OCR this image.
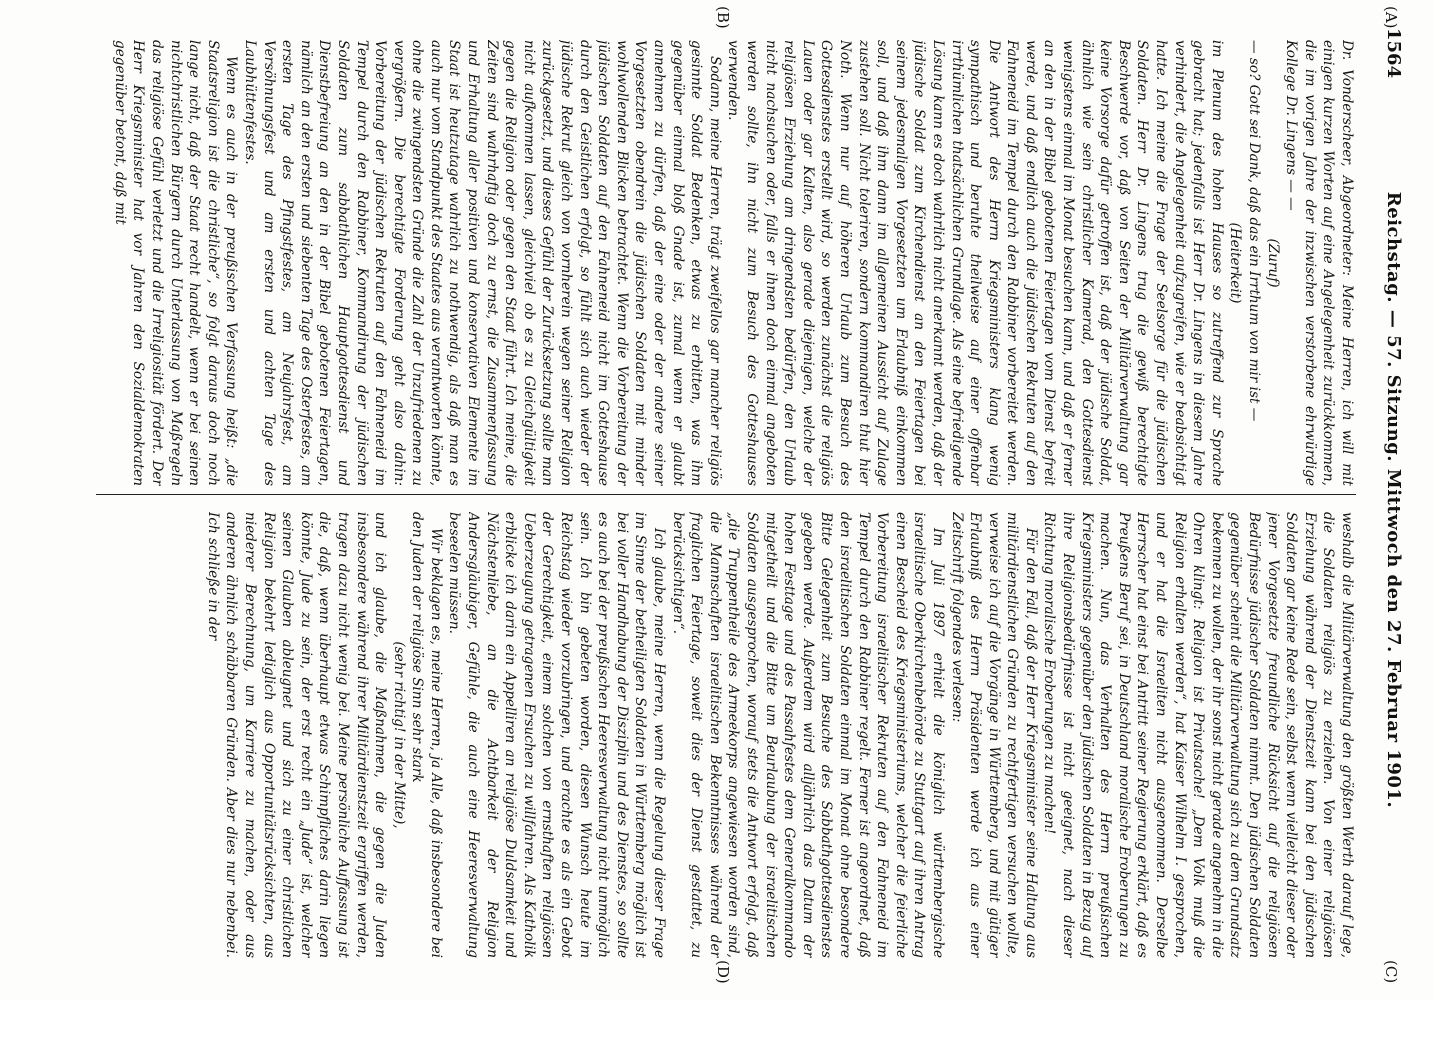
1564
Reichstag. — 57. Sitzung. Mittwoch den 27. Februar 1901.
(A)
(B)
(C)
(D)

Dr. Vonderscheer, Abgeordneter: Meine Herren, ich will mit einigen kurzen Worten auf eine Angelegenheit zurückkommen, die im vorigen Jahre der inzwischen verstorbene ehrwürdige Kollege Dr. Lingens — —

(Zuruf)

— so? Gott sei Dank, daß das ein Irrthum von mir ist —

(Heiterkeit)

im Plenum des hohen Hauses so zutreffend zur Sprache gebracht hat; jedenfalls ist Herr Dr. Lingens in diesem Jahre verhindert, die Angelegenheit aufzugreifen, wie er beabsichtigt hatte. Ich meine die Frage der Seelsorge für die jüdischen Soldaten. Herr Dr. Lingens trug die gewiß berechtigte Beschwerde vor, daß von Seiten der Militärverwaltung gar keine Vorsorge dafür getroffen ist, daß der jüdische Soldat, ähnlich wie sein christlicher Kamerad, den Gottesdienst wenigstens einmal im Monat besuchen kann, und daß er ferner an den in der Bibel gebotenen Feiertagen vom Dienst befreit werde, und daß endlich auch die jüdischen Rekruten auf den Fahneneid im Tempel durch den Rabbiner vorbereitet werden. Die Antwort des Herrn Kriegsministers klang wenig sympathisch und beruhte theilweise auf einer offenbar irrthümlichen thatsächlichen Grundlage. Als eine befriedigende Lösung kann es doch wahrlich nicht anerkannt werden, daß der jüdische Soldat zum Kirchendienst an den Feiertagen bei seinem jedesmaligen Vorgesetzten um Erlaubniß einkommen soll, und daß ihm dann im allgemeinen Aussicht auf Zulage zustehen soll. Nicht toleriren, sondern kommandiren thut hier Noth. Wenn nur auf höheren Urlaub zum Besuch des Gottesdienstes erstellt wird, so werden zunächst die religiös Lauen oder gar Kalten, also gerade diejenigen, welche der religiösen Erziehung am dringendsten bedürfen, den Urlaub nicht nachsuchen oder, falls er ihnen doch einmal angeboten werden sollte, ihn nicht zum Besuch des Gotteshauses verwenden.

Sodann, meine Herren, trägt zweifellos gar mancher religiös gesinnte Soldat Bedenken, etwas zu erbitten, was ihm gegenüber einmal bloß Gnade ist, zumal wenn er glaubt annehmen zu dürfen, daß der eine oder der andere seiner Vorgesetzten obendrein die jüdischen Soldaten mit minder wohlwollenden Blicken betrachtet. Wenn die Vorbereitung der jüdischen Soldaten auf den Fahneneid nicht im Gotteshause durch den Geistlichen erfolgt, so fühlt sich auch wieder der jüdische Rekrut gleich von vornherein wegen seiner Religion zurückgesetzt, und dieses Gefühl der Zurücksetzung sollte man nicht aufkommen lassen, gleichviel ob es zu Gleichgültigkeit gegen die Religion oder gegen den Staat führt. Ich meine, die Zeiten sind wahrhaftig doch zu ernst, die Zusammenfassung und Erhaltung aller positiven und konservativen Elemente im Staat ist heutzutage wahrlich zu nothwendig, als daß man es auch nur vom Standpunkt des Staates aus verantworten könnte, ohne die zwingendsten Gründe die Zahl der Unzufriedenen zu vergrößern. Die berechtigte Forderung geht also dahin: Vorbereitung der jüdischen Rekruten auf den Fahneneid im Tempel durch den Rabbiner, Kommandirung der jüdischen Soldaten zum sabbathlichen Hauptgottesdienst und Dienstbefreiung an den in der Bibel gebotenen Feiertagen, nämlich an den ersten und siebenten Tage des Osterfestes, am ersten Tage des Pfingstfestes, am Neujahrsfest, am Versöhnungsfest und am ersten und achten Tage des Laubhüttenfestes.

Wenn es auch in der preußischen Verfassung heißt: „die Staatsreligion ist die christliche“, so folgt daraus doch noch lange nicht, daß der Staat recht handelt, wenn er bei seinen nichtchristlichen Bürgern durch Unterlassung von Maßregeln das religiöse Gefühl verletzt und die Irreligiosität fördert. Der Herr Kriegsminister hat vor Jahren den Sozialdemokraten gegenüber betont, daß mit

weshalb die Militärverwaltung den größten Werth darauf lege, die Soldaten religiös zu erziehen. Von einer religiösen Erziehung während der Dienstzeit kann bei den jüdischen Soldaten gar keine Rede sein, selbst wenn vielleicht dieser oder jener Vorgesetzte freundliche Rücksicht auf die religiösen Bedürfnisse jüdischer Soldaten nimmt. Den jüdischen Soldaten gegenüber scheint die Militärverwaltung sich zu dem Grundsatz bekennen zu wollen, der ihr sonst nicht gerade angenehm in die Ohren klingt: Religion ist Privatsache! „Dem Volk muß die Religion erhalten werden“, hat Kaiser Wilhelm I. gesprochen, und er hat die Israeliten nicht ausgenommen. Derselbe Herrscher hat einst bei Antritt seiner Regierung erklärt, daß es Preußens Beruf sei, in Deutschland moralische Eroberungen zu machen. Nun, das Verhalten des Herrn preußischen Kriegsministers gegenüber den jüdischen Soldaten in Bezug auf ihre Religionsbedürfnisse ist nicht geeignet, nach dieser Richtung moralische Eroberungen zu machen!

Für den Fall, daß der Herr Kriegsminister seine Haltung aus militärdienstlichen Gründen zu rechtfertigen versuchen wollte, verweise ich auf die Vorgänge in Württemberg, und mit gütiger Erlaubniß des Herrn Präsidenten werde ich aus einer Zeitschrift folgendes verlesen:

Im Juli 1897 erhielt die königlich württembergische israelitische Oberkirchenbehörde zu Stuttgart auf ihren Antrag einen Bescheid des Kriegsministeriums, welcher die feierliche Vorbereitung israelitischer Rekruten auf den Fahneneid im Tempel durch den Rabbiner regelt. Ferner ist angeordnet, daß den israelitischen Soldaten einmal im Monat ohne besondere Bitte Gelegenheit zum Besuche des Sabbathgottesdienstes gegeben werde. Außerdem wird alljährlich das Datum der hohen Festtage und des Passahfestes dem Generalkommando mitgetheilt und die Bitte um Beurlaubung der israelitischen Soldaten ausgesprochen, worauf stets die Antwort erfolgt, daß „die Truppentheile des Armeekorps angewiesen worden sind, die Mannschaften israelitischen Bekenntnisses während der fraglichen Feiertage, soweit dies der Dienst gestattet, zu berücksichtigen“.

Ich glaube, meine Herren, wenn die Regelung dieser Frage im Sinne der betheiligten Soldaten in Württemberg möglich ist bei voller Handhabung der Disziplin und des Dienstes, so sollte es auch bei der preußischen Heeresverwaltung nicht unmöglich sein. Ich bin gebeten worden, diesen Wunsch heute im Reichstag wieder vorzubringen, und erachte es als ein Gebot der Gerechtigkeit, einem solchen von ernsthaften religiösen Ueberzeugung getragenen Ersuchen zu willfahren. Als Katholik erblicke ich darin ein Appelliren an religiöse Duldsamkeit und Nächstenliebe, an die Achtbarkeit der Religion Andersgläubiger, Gefühle, die auch eine Heeresverwaltung beseelen müssen.

Wir beklagen es, meine Herren, ja Alle, daß insbesondere bei den Juden der religiöse Sinn sehr stark

(sehr richtig! in der Mitte),

und ich glaube, die Maßnahmen, die gegen die Juden insbesondere während ihrer Militärdienstzeit ergriffen werden, tragen dazu nicht wenig bei. Meine persönliche Auffassung ist die, daß, wenn überhaupt etwas Schimpfliches darin liegen könnte, Jude zu sein, der erst recht ein „Jude“ ist, welcher seinen Glauben ableugnet und sich zu einer christlichen Religion bekehrt lediglich aus Opportunitätsrücksichten, aus niederer Berechnung, um Karriere zu machen, oder aus anderen ähnlich schäbbaren Gründen. Aber dies nur nebenbei. Ich schließe in der
